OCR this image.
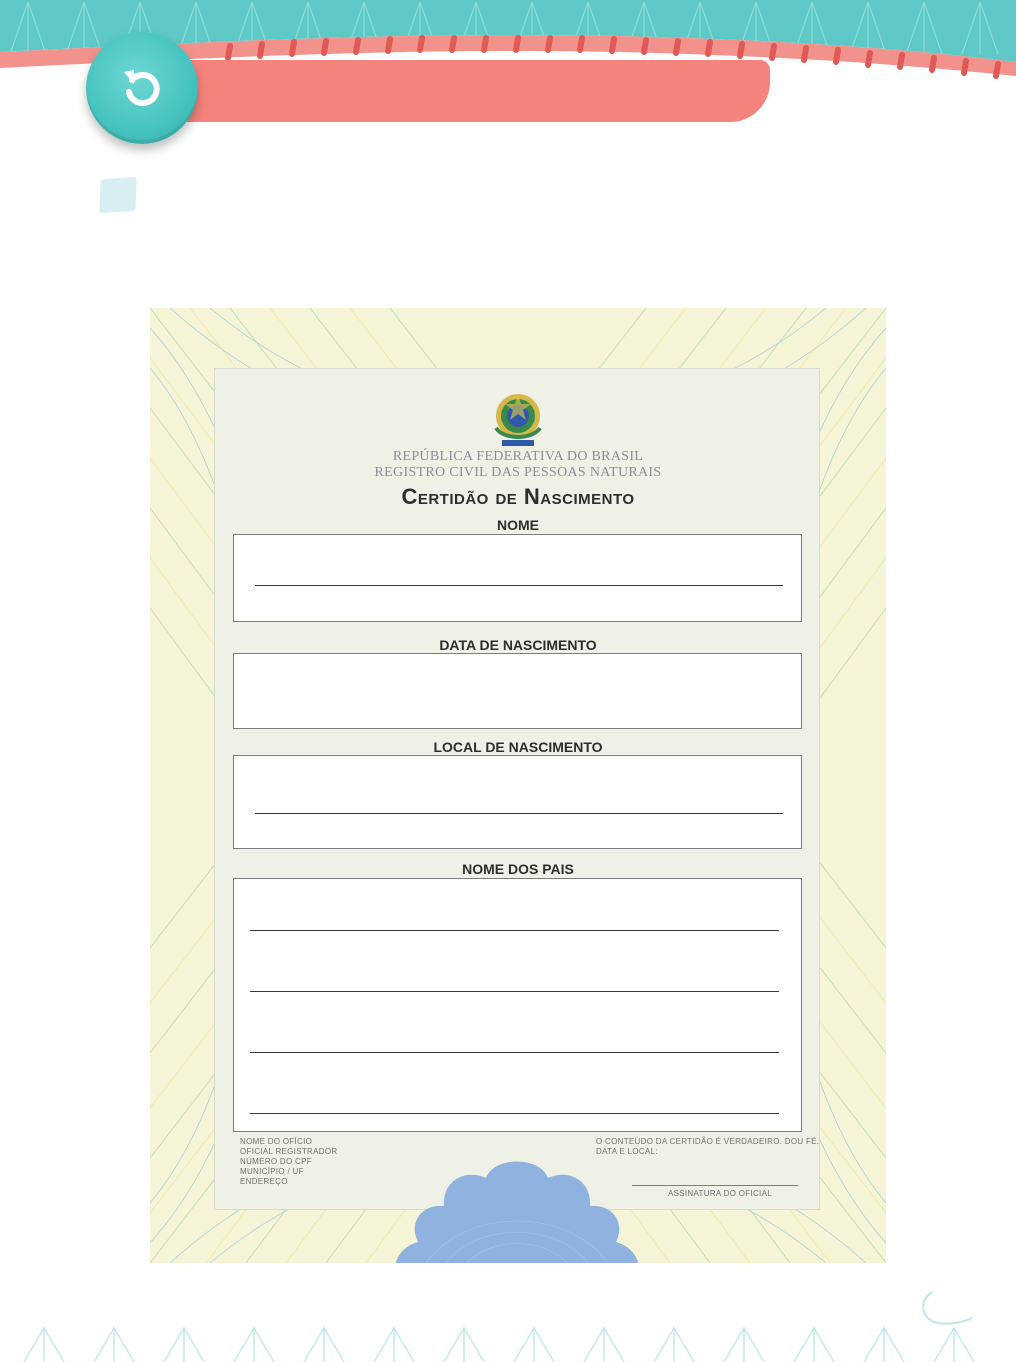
REPÚBLICA FEDERATIVA DO BRASIL
REGISTRO CIVIL DAS PESSOAS NATURAIS
Certidão de Nascimento
NOME
DATA DE NASCIMENTO
LOCAL DE NASCIMENTO
NOME DOS PAIS
NOME DO OFÍCIO
OFICIAL REGISTRADOR
NÚMERO DO CPF
MUNICÍPIO / UF
ENDEREÇO
O CONTEÚDO DA CERTIDÃO É VERDADEIRO. DOU FÉ.
DATA E LOCAL:
ASSINATURA DO OFICIAL
